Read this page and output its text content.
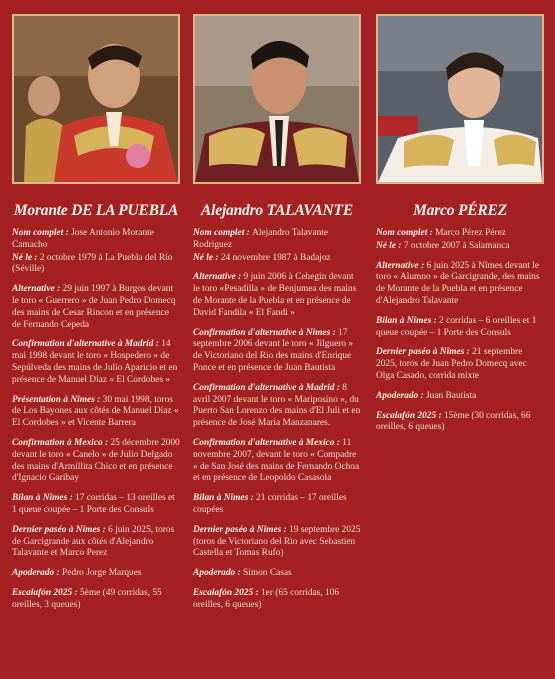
Morante DE LA PUEBLA
Nom complet : Jose Antonio Morante Camacho
Né le : 2 octobre 1979 à La Puebla del Río (Séville)
Alternative : 29 juin 1997 à Burgos devant le toro « Guerrero » de Juan Pedro Domecq des mains de Cesar Rincon et en présence de Fernando Cepeda
Confirmation d'alternative à Madrid : 14 mai 1998 devant le toro « Hospedero » de Sepúlveda des mains de Julio Aparicio et en présence de Manuel Díaz « El Cordobes »
Présentation à Nîmes : 30 mai 1998, toros de Los Bayones aux côtés de Manuel Díaz « El Cordobes » et Vicente Barrera
Confirmation à Mexico : 25 décembre 2000 devant le toro « Canelo » de Julio Delgado des mains d'Armillita Chico et en présence d'Ignacio Garibay
Bilan à Nîmes : 17 corridas – 13 oreilles et 1 queue coupée – 1 Porte des Consuls
Dernier paséo à Nîmes : 6 juin 2025, toros de Garcigrande aux côtés d'Alejandro Talavante et Marco Perez
Apoderado : Pedro Jorge Marques
Escalafón 2025 : 5ème (49 corridas, 55 oreilles, 3 queues)
Alejandro TALAVANTE
Nom complet : Alejandro Talavante Rodriguez
Né le : 24 novembre 1987 à Badajoz
Alternative : 9 juin 2006 à Cehegin devant le toro «Pesadilla » de Benjumea des mains de Morante de la Puebla et en présence de David Fandila « El Fandi »
Confirmation d'alternative à Nîmes : 17 septembre 2006 devant le toro « Jilguero » de Victoriano del Rio des mains d'Enrique Ponce et en présence de Juan Bautista
Confirmation d'alternative à Madrid : 8 avril 2007 devant le toro « Mariposino », du Puerto San Lorenzo des mains d'El Juli et en présence de José Maria Manzanares.
Confirmation d'alternative à Mexico : 11 novembre 2007, devant le toro « Compadre » de San José des mains de Fernando Ochoa et en présence de Leopoldo Casasola
Bilan à Nîmes : 21 corridas – 17 oreilles coupées
Dernier paséo à Nîmes : 19 septembre 2025 (toros de Victoriano del Rio avec Sebastien Castella et Tomas Rufo)
Apoderado : Simon Casas
Escalafón 2025 : 1er (65 corridas, 106 oreilles, 6 queues)
Marco PÉREZ
Nom complet : Marco Pérez Pérez
Né le : 7 octobre 2007 à Salamanca
Alternative : 6 juin 2025 à Nîmes devant le toro « Alumno » de Garcigrande, des mains de Morante de la Puebla et en présence d'Alejandro Talavante
Bilan à Nîmes : 2 corridas – 6 oreilles et 1 queue coupée – 1 Porte des Consuls
Dernier paséo à Nîmes : 21 septembre 2025, toros de Juan Pedro Domecq avec Olga Casado, corrida mixte
Apoderado : Juan Bautista
Escalafón 2025 : 15ème (30 corridas, 66 oreilles, 6 queues)
